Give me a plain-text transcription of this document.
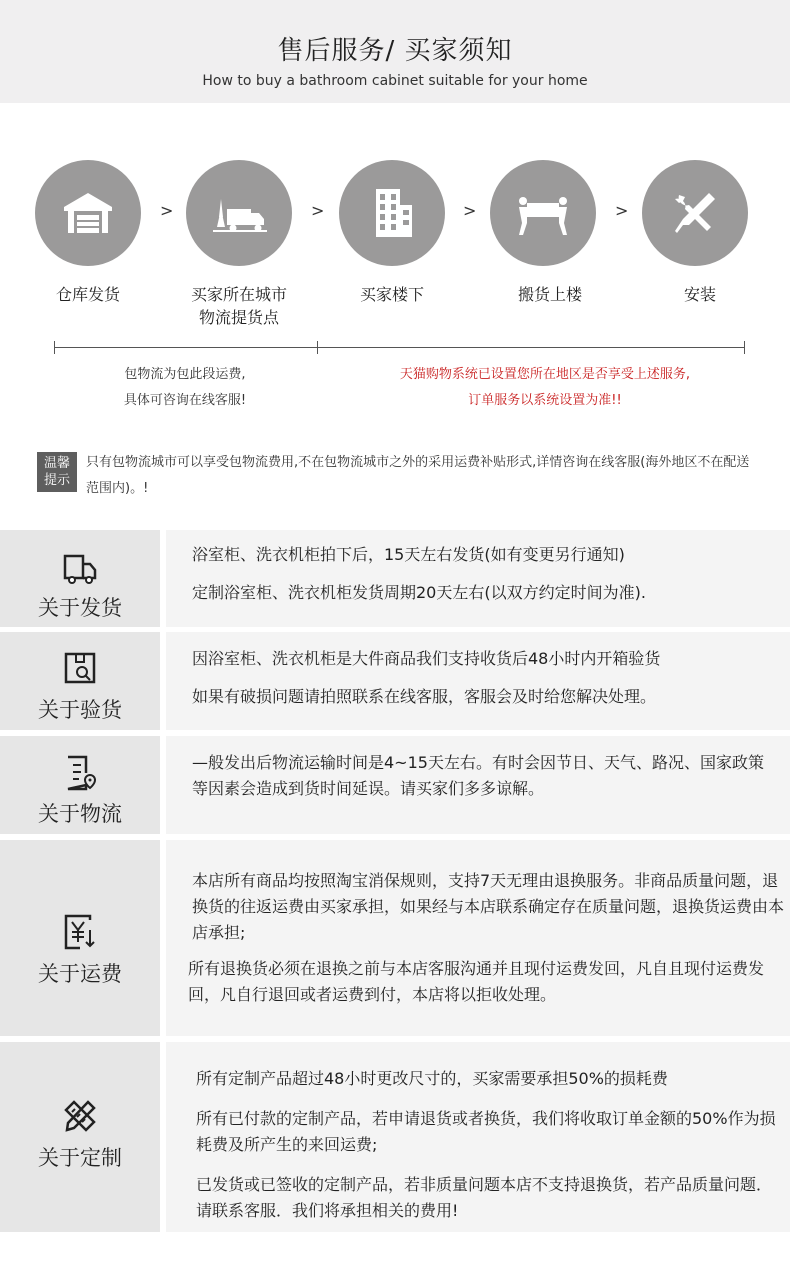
售后服务/ 买家须知
How to buy a bathroom cabinet suitable for your home
>	>	>	>
仓库发货	买家所在城市
物流提货点
买家楼下	搬货上楼	安装
包物流为包此段运费,
具体可咨询在线客服!
天猫购物系统已设置您所在地区是否享受上述服务,
订单服务以系统设置为准!!
温馨
提示
只有包物流城市可以享受包物流费用,不在包物流城市之外的采用运费补贴形式,详情咨询在线客服(海外地区不在配送范围内)。!
关于发货
浴室柜、洗衣机柜拍下后，15天左右发货(如有变更另行通知)
定制浴室柜、洗衣机柜发货周期20天左右(以双方约定时间为准).
关于验货
因浴室柜、洗衣机柜是大件商品我们支持收货后48小时内开箱验货
如果有破损问题请拍照联系在线客服，客服会及时给您解决处理。
关于物流
—般发出后物流运输时间是4~15天左右。有时会因节日、天气、路况、国家政策等因素会造成到货时间延误。请买家们多多谅解。
关于运费
本店所有商品均按照淘宝消保规则，支持7天无理由退换服务。非商品质量问题，退换货的往返运费由买家承担，如果经与本店联系确定存在质量问题，退换货运费由本店承担;
所有退换货必须在退换之前与本店客服沟通并且现付运费发回，凡自且现付运费发回，凡自行退回或者运费到付，本店将以拒收处理。
关于定制
所有定制产品超过48小时更改尺寸的，买家需要承担50%的损耗费
所有已付款的定制产品，若申请退货或者换货，我们将收取订单金额的50%作为损耗费及所产生的来回运费;
已发货或已签收的定制产品，若非质量问题本店不支持退换货，若产品质量问题．请联系客服．我们将承担相关的费用!
